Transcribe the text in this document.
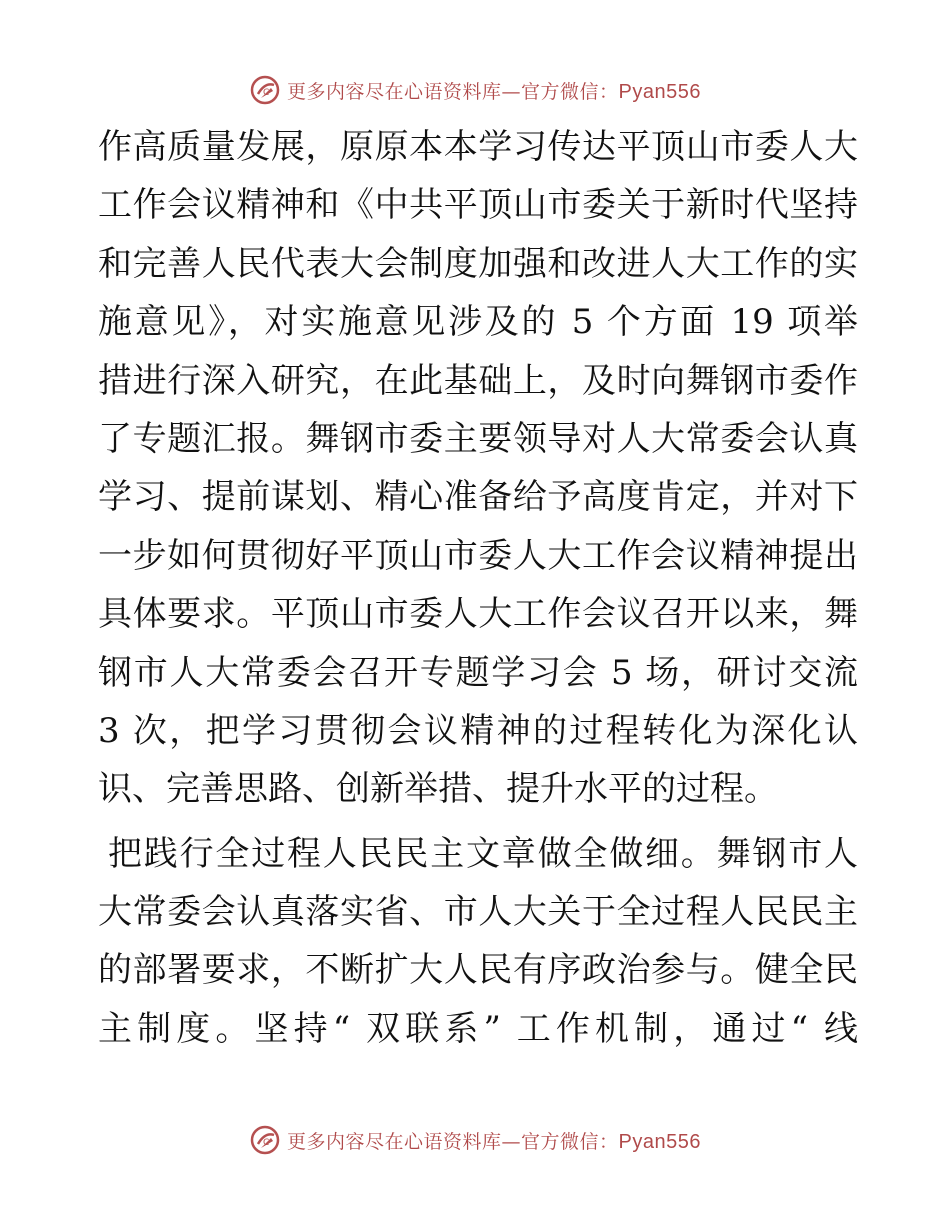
C 更多内容尽在心语资料库—官方微信：Pyan556
作高质量发展，原原本本学习传达平顶山市委人大
工作会议精神和《中共平顶山市委关于新时代坚持
和完善人民代表大会制度加强和改进人大工作的实
施意见》，对实施意见涉及的 5 个方面 19 项举
措进行深入研究，在此基础上，及时向舞钢市委作
了专题汇报。舞钢市委主要领导对人大常委会认真
学习、提前谋划、精心准备给予高度肯定，并对下
一步如何贯彻好平顶山市委人大工作会议精神提出
具体要求。平顶山市委人大工作会议召开以来，舞
钢市人大常委会召开专题学习会 5 场，研讨交流
3 次，把学习贯彻会议精神的过程转化为深化认
识、完善思路、创新举措、提升水平的过程。
把践行全过程人民民主文章做全做细。舞钢市人
大常委会认真落实省、市人大关于全过程人民民主
的部署要求，不断扩大人民有序政治参与。健全民
主制度。坚持“ 双联系” 工作机制，通过“ 线
C 更多内容尽在心语资料库—官方微信：Pyan556
